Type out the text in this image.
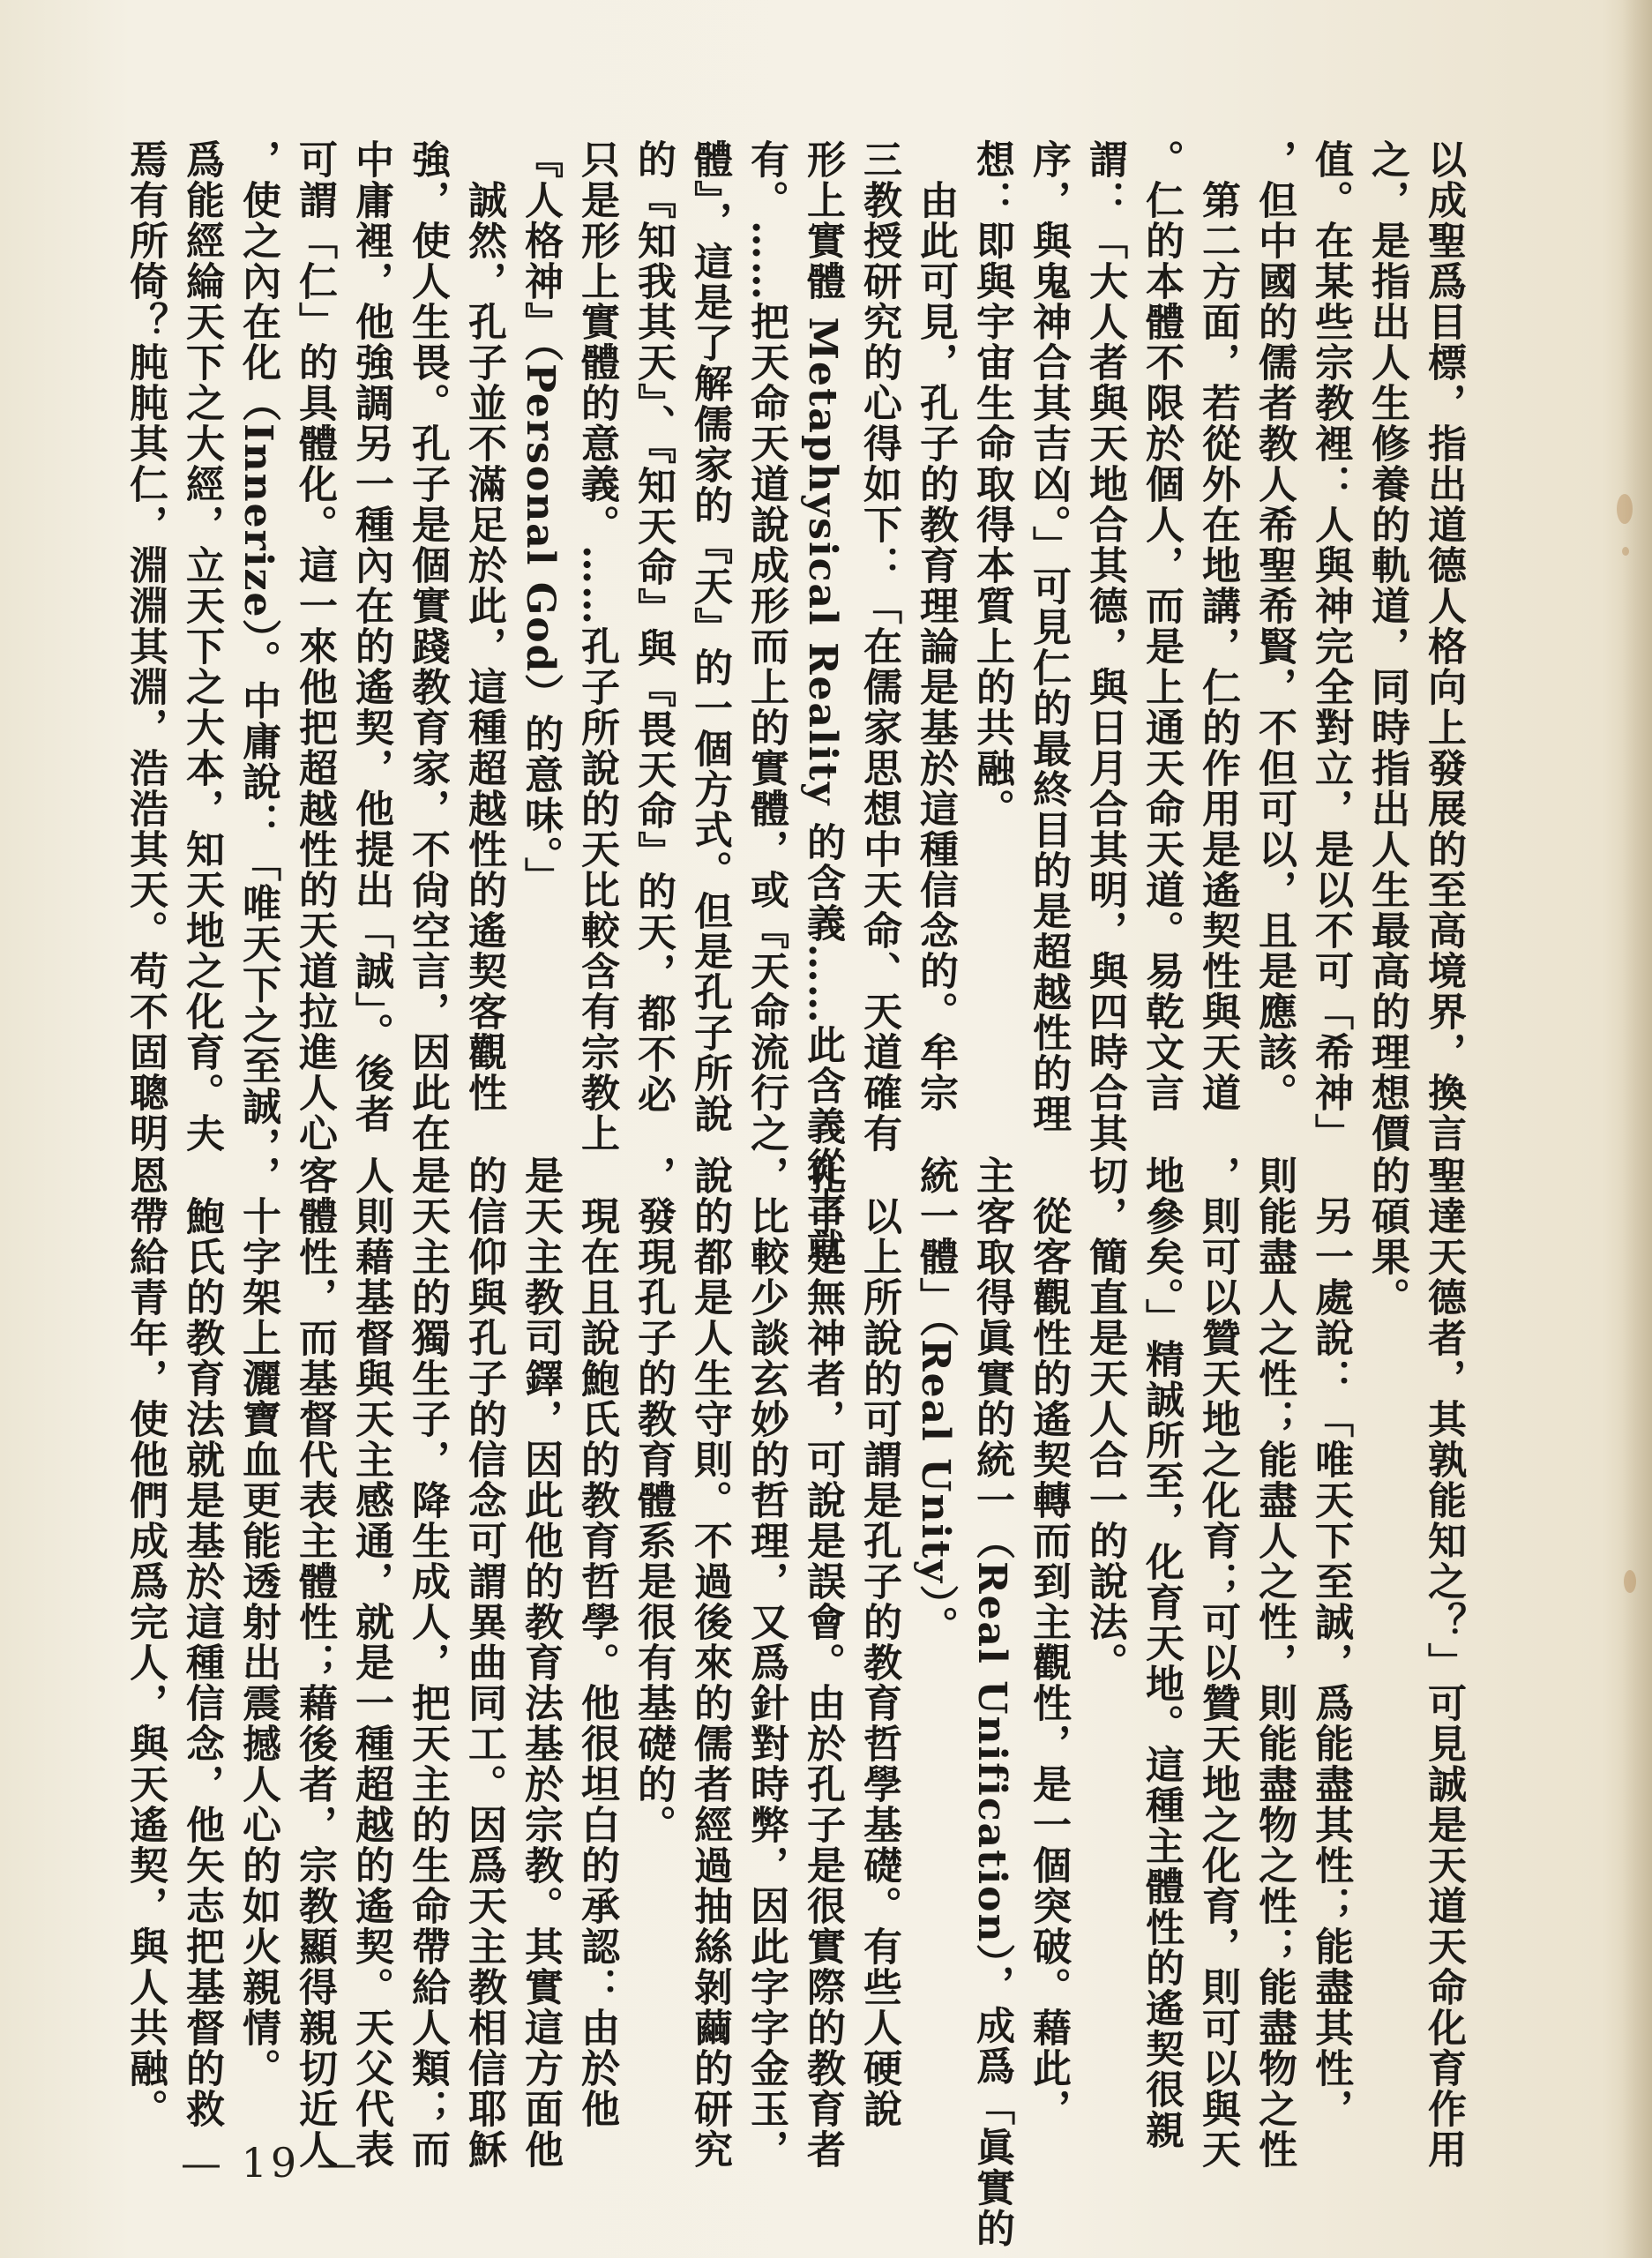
以成聖爲目標，指出道德人格向上發展的至高境界，換言
之，是指出人生修養的軌道，同時指出人生最高的理想價
值。在某些宗教裡：人與神完全對立，是以不可「希神」
，但中國的儒者教人希聖希賢，不但可以，且是應該。
　第二方面，若從外在地講，仁的作用是遙契性與天道
。仁的本體不限於個人，而是上通天命天道。易乾文言
謂：「大人者與天地合其德，與日月合其明，與四時合其
序，與鬼神合其吉凶。」可見仁的最終目的是超越性的理
想：即與宇宙生命取得本質上的共融。
　由此可見，孔子的教育理論是基於這種信念的。牟宗
三教授研究的心得如下：「在儒家思想中天命、天道確有
形上實體 Metaphysical Reality 的含義……此含義從古就
有。……把天命天道說成形而上的實體，或『天命流行之
體』，這是了解儒家的『天』的一個方式。但是孔子所說
的『知我其天』、『知天命』與『畏天命』的天，都不必
只是形上實體的意義。……孔子所說的天比較含有宗教上
『人格神』（Personal God）的意味。」
　誠然，孔子並不滿足於此，這種超越性的遙契客觀性
強，使人生畏。孔子是個實踐教育家，不尙空言，因此在
中庸裡，他強調另一種內在的遙契，他提出「誠」。後者
可謂「仁」的具體化。這一來他把超越性的天道拉進人心
，使之內在化（Innerize）。中庸說：「唯天下之至誠，
爲能經綸天下之大經，立天下之大本，知天地之化育。夫
焉有所倚？肫肫其仁，淵淵其淵，浩浩其天。苟不固聰明
聖達天德者，其孰能知之？」可見誠是天道天命化育作用
的碩果。
　另一處說：「唯天下至誠，爲能盡其性；能盡其性，
則能盡人之性；能盡人之性，則能盡物之性；能盡物之性
，則可以贊天地之化育；可以贊天地之化育，則可以與天
地參矣。」精誠所至，化育天地。這種主體性的遙契很親
切，簡直是天人合一的說法。
　從客觀性的遙契轉而到主觀性，是一個突破。藉此，
主客取得眞實的統一（Real Unification），成爲「眞實的
統一體」（Real Unity）。
　以上所說的可謂是孔子的教育哲學基礎。有些人硬說
孔子是無神者，可說是誤會。由於孔子是很實際的教育者
，比較少談玄妙的哲理，又爲針對時弊，因此字字金玉，
說的都是人生守則。不過後來的儒者經過抽絲剝繭的研究
，發現孔子的教育體系是很有基礎的。
　現在且說鮑氏的教育哲學。他很坦白的承認：由於他
是天主教司鐸，因此他的教育法基於宗教。其實這方面他
的信仰與孔子的信念可謂異曲同工。因爲天主教相信耶穌
是天主的獨生子，降生成人，把天主的生命帶給人類；而
人則藉基督與天主感通，就是一種超越的遙契。天父代表
客體性，而基督代表主體性；藉後者，宗教顯得親切近人
，十字架上灑寶血更能透射出震撼人心的如火親情。
　鮑氏的教育法就是基於這種信念，他矢志把基督的救
恩帶給青年，使他們成爲完人，與天遙契，與人共融。
— 19 —
